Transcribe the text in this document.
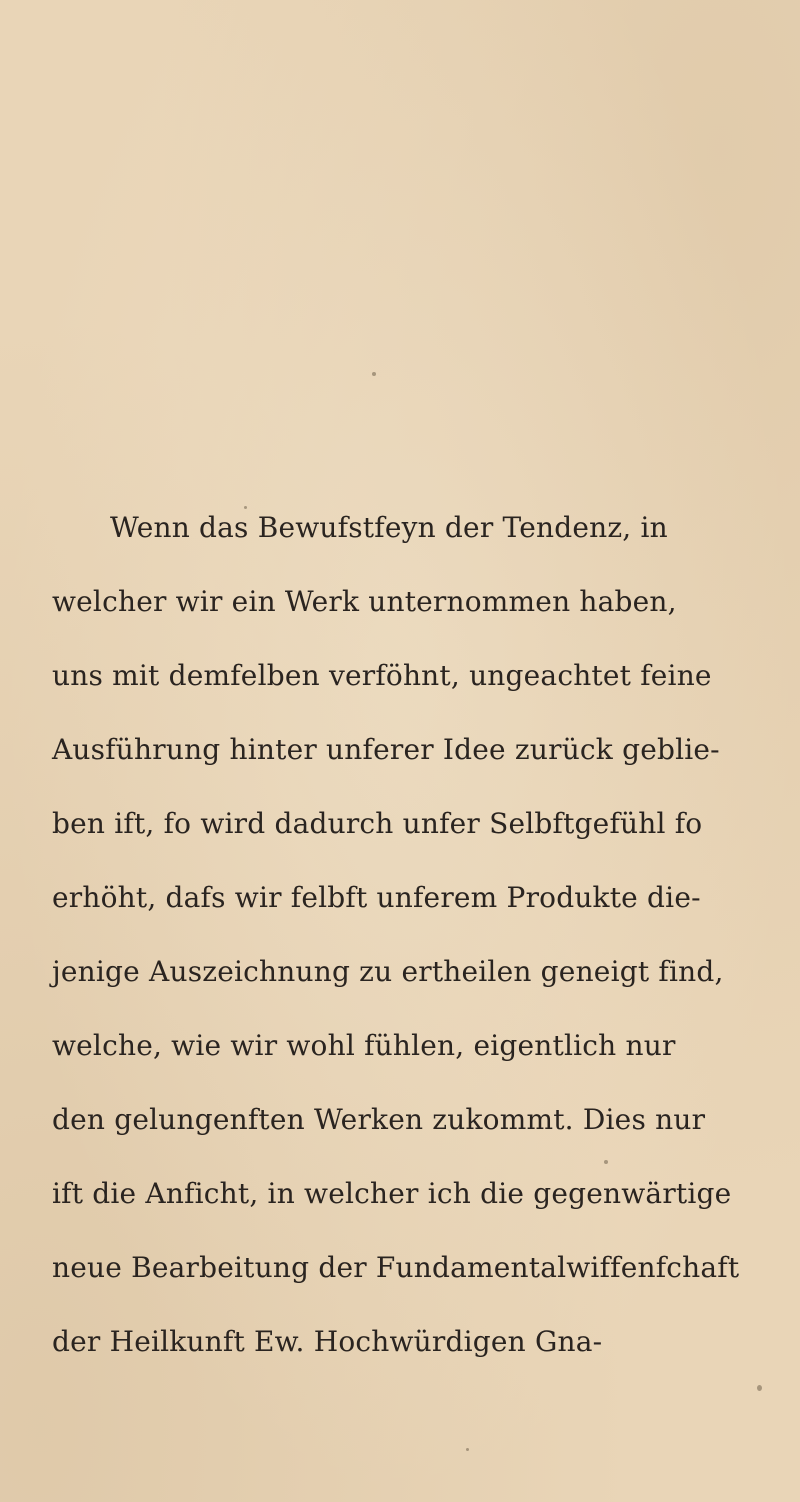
Wenn das Bewufstfeyn der Tendenz, in
welcher wir ein Werk unternommen haben,
uns mit demfelben verföhnt, ungeachtet feine
Ausführung hinter unferer Idee zurück geblie-
ben ift, fo wird dadurch unfer Selbftgefühl fo
erhöht, dafs wir felbft unferem Produkte die-
jenige Auszeichnung zu ertheilen geneigt find,
welche, wie wir wohl fühlen, eigentlich nur
den gelungenften Werken zukommt. Dies nur
ift die Anficht, in welcher ich die gegenwärtige
neue Bearbeitung der Fundamentalwiffenfchaft
der Heilkunft Ew. Hochwürdigen Gna-
